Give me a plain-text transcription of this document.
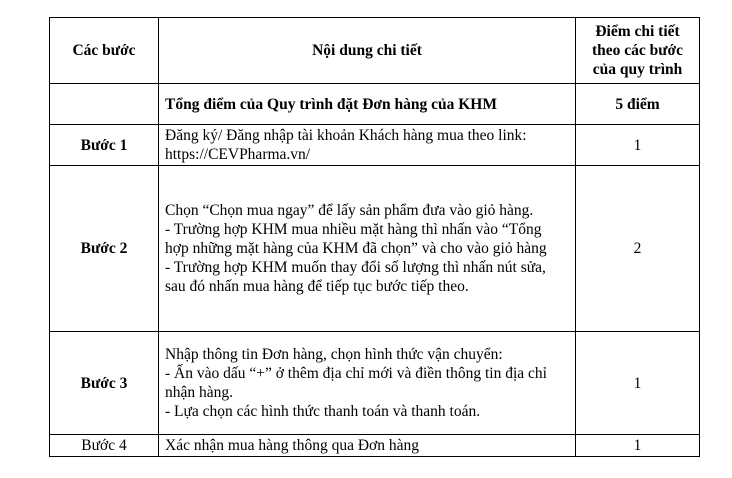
Các bước	Nội dung chi tiết	Điểm chi tiết theo các bước của quy trình
	Tổng điểm của Quy trình đặt Đơn hàng của KHM	5 điểm
Bước 1	Đăng ký/ Đăng nhập tài khoản Khách hàng mua theo link: https://CEVPharma.vn/	1
Bước 2	Chọn “Chọn mua ngay” để lấy sản phẩm đưa vào giỏ hàng.
- Trường hợp KHM mua nhiều mặt hàng thì nhấn vào “Tổng hợp những mặt hàng của KHM đã chọn” và cho vào giỏ hàng
- Trường hợp KHM muốn thay đổi số lượng thì nhấn nút sửa, sau đó nhấn mua hàng để tiếp tục bước tiếp theo.	2
Bước 3	Nhập thông tin Đơn hàng, chọn hình thức vận chuyển:
- Ấn vào dấu “+” ở thêm địa chỉ mới và điền thông tin địa chỉ nhận hàng.
- Lựa chọn các hình thức thanh toán và thanh toán.	1
Bước 4	Xác nhận mua hàng thông qua Đơn hàng	1
